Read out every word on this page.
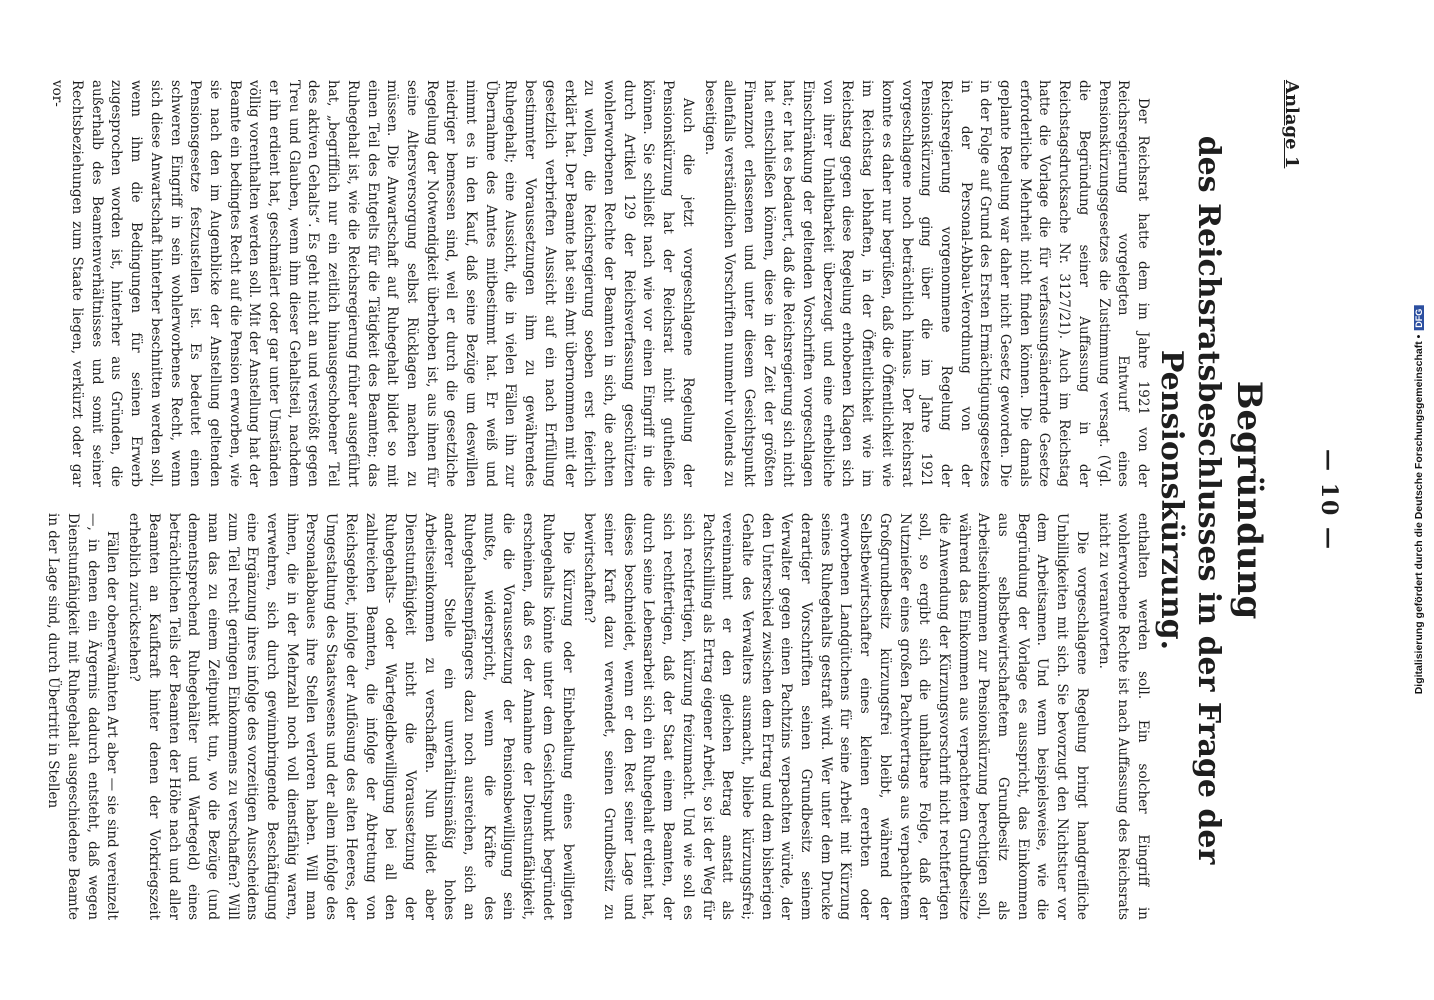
— 10 —
Anlage 1
Begründung
des Reichsratsbeschlusses in der Frage der Pensionskürzung.

Der Reichsrat hatte dem im Jahre 1921 von der Reichsregierung vorgelegten Entwurf eines Pensionskürzungsgesetzes die Zustimmung versagt. (Vgl. die Begründung seiner Auffassung in der Reichstagsdrucksache Nr. 3127/21). Auch im Reichstag hatte die Vorlage die für verfassungsändernde Gesetze erforderliche Mehrheit nicht finden können. Die damals geplante Regelung war daher nicht Gesetz geworden. Die in der Folge auf Grund des Ersten Ermächtigungsgesetzes in der Personal-Abbau-Verordnung von der Reichsregierung vorgenommene Regelung der Pensionskürzung ging über die im Jahre 1921 vorgeschlagene noch beträchtlich hinaus. Der Reichsrat konnte es daher nur begrüßen, daß die Öffentlichkeit wie im Reichstag lebhaften, in der Öffentlichkeit wie im Reichstag gegen diese Regelung erhobenen Klagen sich von ihrer Unhaltbarkeit überzeugt und eine erhebliche Einschränkung der geltenden Vorschriften vorgeschlagen hat; er hat es bedauert, daß die Reichsregierung sich nicht hat entschließen können, diese in der Zeit der größten Finanznot erlassenen und unter diesem Gesichtspunkt allenfalls verständlichen Vorschriften nunmehr vollends zu beseitigen.

Auch die jetzt vorgeschlagene Regelung der Pensionskürzung hat der Reichsrat nicht gutheißen können. Sie schließt nach wie vor einen Eingriff in die durch Artikel 129 der Reichsverfassung geschützten wohlerworbenen Rechte der Beamten in sich, die achten zu wollen, die Reichsregierung soeben erst feierlich erklärt hat. Der Beamte hat sein Amt übernommen mit der gesetzlich verbrieften Aussicht auf ein nach Erfüllung bestimmter Voraussetzungen ihm zu gewährendes Ruhegehalt; eine Aussicht, die in vielen Fällen ihn zur Übernahme des Amtes mitbestimmt hat. Er weiß und nimmt es in den Kauf, daß seine Bezüge um deswillen niedriger bemessen sind, weil er durch die gesetzliche Regelung der Notwendigkeit überhoben ist, aus ihnen für seine Altersversorgung selbst Rücklagen machen zu müssen. Die Anwartschaft auf Ruhegehalt bildet so mit einen Teil des Entgelts für die Tätigkeit des Beamten; das Ruhegehalt ist, wie die Reichsregierung früher ausgeführt hat, „begrifflich nur ein zeitlich hinausgeschobener Teil des aktiven Gehalts“. Es geht nicht an und verstößt gegen Treu und Glauben, wenn ihm dieser Gehaltsteil, nachdem er ihn erdient hat, geschmälert oder gar unter Umständen völlig vorenthalten werden soll. Mit der Anstellung hat der Beamte ein bedingtes Recht auf die Pension erworben, wie sie nach den im Augenblicke der Anstellung geltenden Pensionsgesetze festzustellen ist. Es bedeutet einen schweren Eingriff in sein wohlerworbenes Recht, wenn sich diese Anwartschaft hinterher beschnitten werden soll, wenn ihm die Bedingungen für seinen Erwerb zugesprochen worden ist, hinterher aus Gründen, die außerhalb des Beamtenverhältnisses und somit seiner Rechtsbeziehungen zum Staate liegen, verkürzt oder gar vor-

enthalten werden soll. Ein solcher Eingriff in wohlerworbene Rechte ist nach Auffassung des Reichsrats nicht zu verantworten.

Die vorgeschlagene Regelung bringt handgreifliche Unbilligkeiten mit sich. Sie bevorzugt den Nichtstuer vor dem Arbeitsamen. Und wenn beispielsweise, wie die Begründung der Vorlage es ausspricht, das Einkommen aus selbstbewirtschaftetem Grundbesitz als Arbeitseinkommen zur Pensionskürzung berechtigen soll, während das Einkommen aus verpachtetem Grundbesitze die Anwendung der Kürzungsvorschrift nicht rechtfertigen soll, so ergibt sich die unhaltbare Folge, daß der Nutznießer eines großen Pachtvertrags aus verpachtetem Großgrundbesitz kürzungsfrei bleibt, während der Selbstbewirtschafter eines kleinen ererbten oder erworbenen Landgütchens für seine Arbeit mit Kürzung seines Ruhegehalts gestraft wird. Wer unter dem Drucke derartiger Vorschriften seinen Grundbesitz seinem Verwalter gegen einen Pachtzins verpachten würde, der den Unterschied zwischen dem Ertrag und dem bisherigen Gehalte des Verwalters ausmacht, bliebe kürzungsfrei; vereinnahmt er den gleichen Betrag anstatt als Pachtschilling als Ertrag eigener Arbeit, so ist der Weg für sich rechtfertigen, kürzung freizumacht. Und wie soll es sich rechtfertigen, daß der Staat einem Beamten, der durch seine Lebensarbeit sich ein Ruhegehalt erdient hat, dieses beschneidet, wenn er den Rest seiner Lage und seiner Kraft dazu verwendet, seinen Grundbesitz zu bewirtschaften?

Die Kürzung oder Einbehaltung eines bewilligten Ruhegehalts könnte unter dem Gesichtspunkt begründet erscheinen, daß es der Annahme der Dienstunfähigkeit, die die Voraussetzung der Pensionsbewilligung sein mußte, widerspricht, wenn die Kräfte des Ruhegehaltsempfängers dazu noch ausreichen, sich an anderer Stelle ein unverhältnismäßig hohes Arbeitseinkommen zu verschaffen. Nun bildet aber Dienstunfähigkeit nicht die Voraussetzung der Ruhegehalts- oder Wartegeldbewilligung bei all den zahlreichen Beamten, die infolge der Abtretung von Reichsgebiet, infolge der Auflösung des alten Heeres, der Umgestaltung des Staatswesens und der allem infolge des Personalabbaues ihre Stellen verloren haben. Will man ihnen, die in der Mehrzahl noch voll dienstfähig waren, verwehren, sich durch gewinnbringende Beschäftigung eine Ergänzung ihres infolge des vorzeitigen Ausscheidens zum Teil recht geringen Einkommens zu verschaffen? Will man das zu einem Zeitpunkt tun, wo die Bezüge (und dementsprechend Ruhegehälter und Wartegeld) eines beträchtlichen Teils der Beamten der Höhe nach und aller Beamten an Kaufkraft hinter denen der Vorkriegszeit erheblich zurückstehen?

Fällen der obenerwähnten Art aber — sie sind vereinzelt —, in denen ein Ärgernis dadurch entsteht, daß wegen Dienstunfähigkeit mit Ruhegehalt ausgeschiedene Beamte in der Lage sind, durch Übertritt in Stellen	Digitalisierung gefördert durch die Deutsche Forschungsgemeinschaft •DFG
